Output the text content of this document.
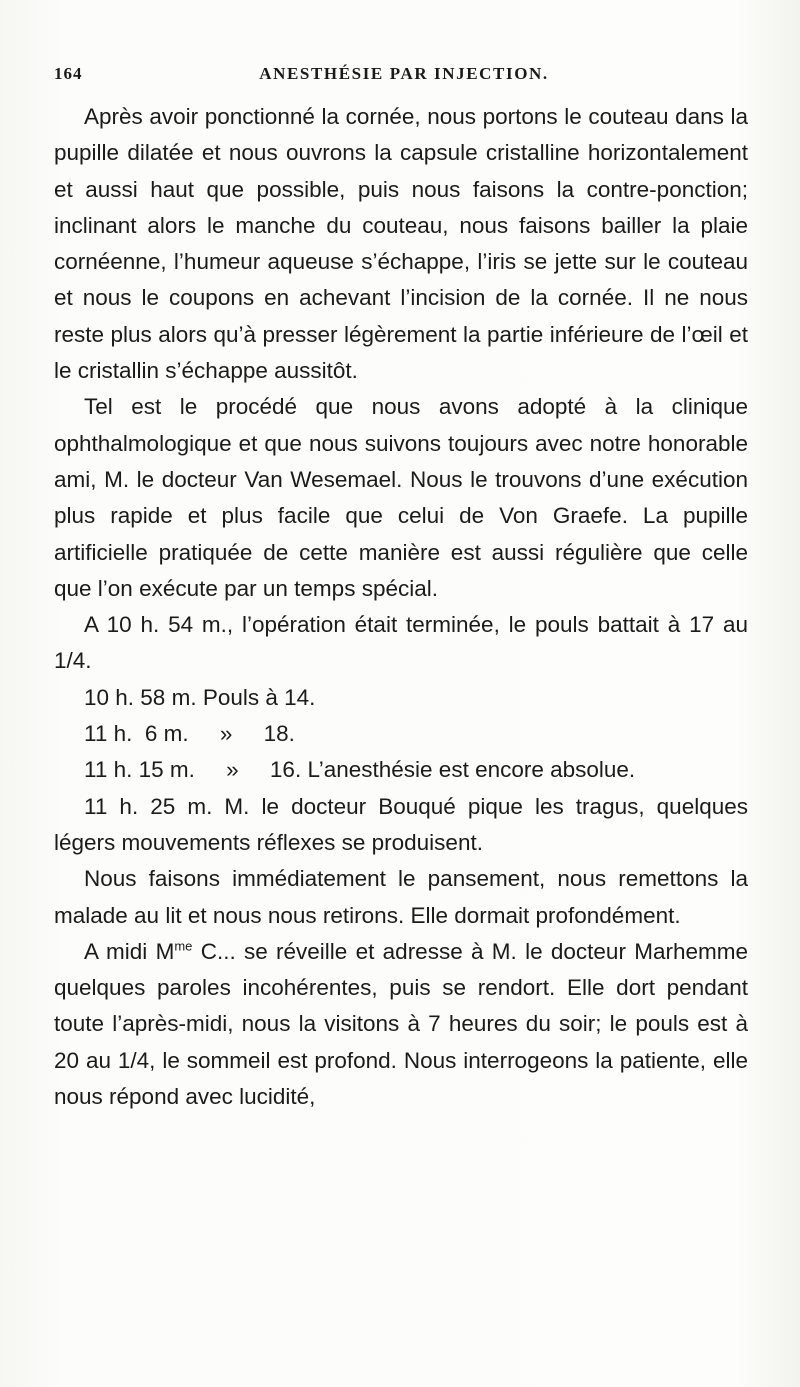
164	ANESTHÉSIE PAR INJECTION.

Après avoir ponctionné la cornée, nous portons le couteau dans la pupille dilatée et nous ouvrons la capsule cristalline horizontalement et aussi haut que possible, puis nous faisons la contre-ponction; inclinant alors le manche du couteau, nous faisons bailler la plaie cornéenne, l’humeur aqueuse s’échappe, l’iris se jette sur le couteau et nous le coupons en achevant l’incision de la cornée. Il ne nous reste plus alors qu’à presser légèrement la partie inférieure de l’œil et le cristallin s’échappe aussitôt.

Tel est le procédé que nous avons adopté à la clinique ophthalmologique et que nous suivons toujours avec notre honorable ami, M. le docteur Van Wesemael. Nous le trouvons d’une exécution plus rapide et plus facile que celui de Von Graefe. La pupille artificielle pratiquée de cette manière est aussi régulière que celle que l’on exécute par un temps spécial.

A 10 h. 54 m., l’opération était terminée, le pouls battait à 17 au 1/4.

10 h. 58 m. Pouls à 14.

11 h.  6 m.     »     18.

11 h. 15 m.     »     16. L’anesthésie est encore absolue.

11 h. 25 m. M. le docteur Bouqué pique les tragus, quelques légers mouvements réflexes se produisent.

Nous faisons immédiatement le pansement, nous remettons la malade au lit et nous nous retirons. Elle dormait profondément.

A midi $M^{me}$ C... se réveille et adresse à M. le docteur Marhemme quelques paroles incohérentes, puis se rendort. Elle dort pendant toute l’après-midi, nous la visitons à 7 heures du soir; le pouls est à 20 au 1/4, le sommeil est profond. Nous interrogeons la patiente, elle nous répond avec lucidité,
